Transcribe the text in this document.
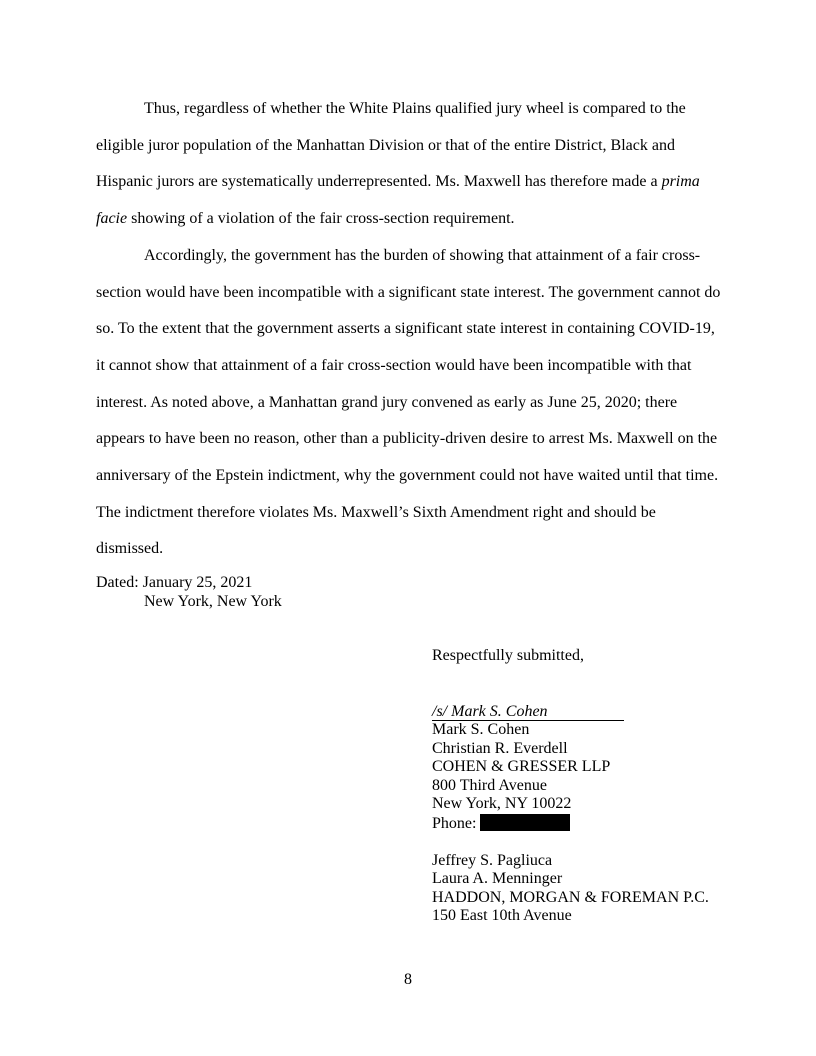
Thus, regardless of whether the White Plains qualified jury wheel is compared to the eligible juror population of the Manhattan Division or that of the entire District, Black and Hispanic jurors are systematically underrepresented. Ms. Maxwell has therefore made a prima facie showing of a violation of the fair cross-section requirement.

Accordingly, the government has the burden of showing that attainment of a fair cross-section would have been incompatible with a significant state interest. The government cannot do so. To the extent that the government asserts a significant state interest in containing COVID-19, it cannot show that attainment of a fair cross-section would have been incompatible with that interest. As noted above, a Manhattan grand jury convened as early as June 25, 2020; there appears to have been no reason, other than a publicity-driven desire to arrest Ms. Maxwell on the anniversary of the Epstein indictment, why the government could not have waited until that time. The indictment therefore violates Ms. Maxwell’s Sixth Amendment right and should be dismissed.

Dated: January 25, 2021
New York, New York
Respectfully submitted,
/s/ Mark S. Cohen
Mark S. Cohen
Christian R. Everdell
COHEN & GRESSER LLP
800 Third Avenue
New York, NY 10022
Phone:
Jeffrey S. Pagliuca
Laura A. Menninger
HADDON, MORGAN & FOREMAN P.C.
150 East 10th Avenue
8
